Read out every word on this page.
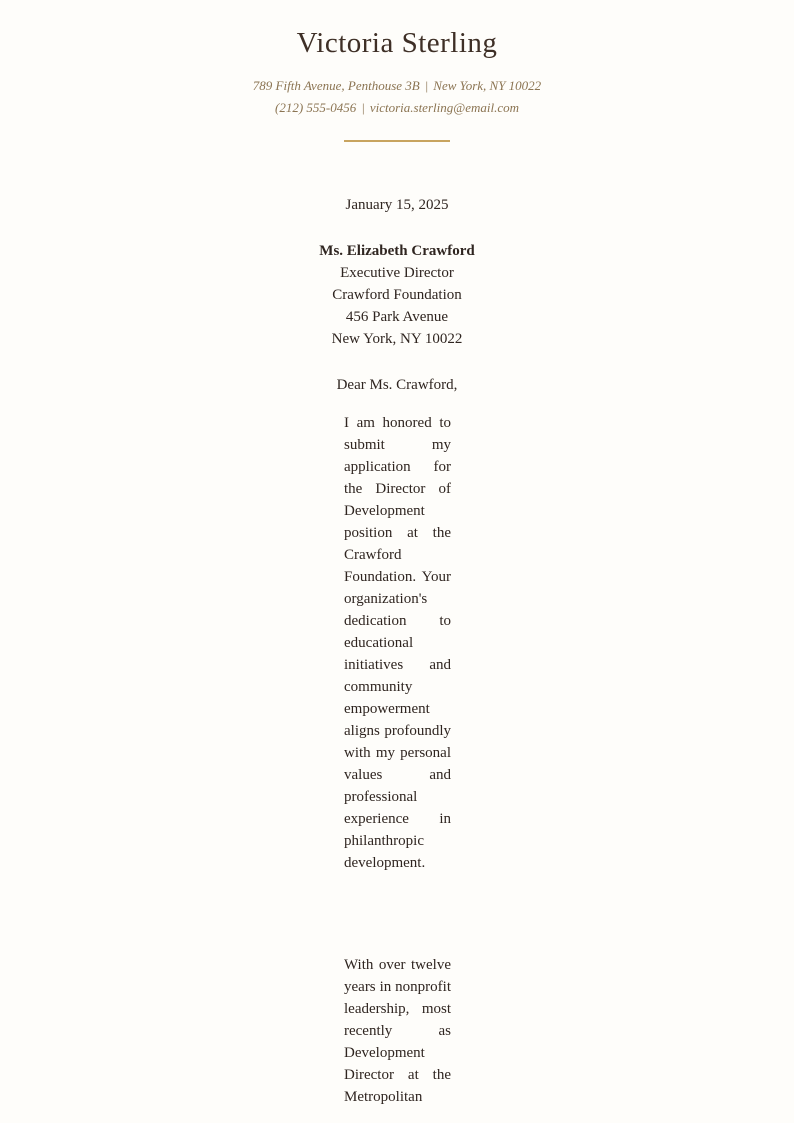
Victoria Sterling
789 Fifth Avenue, Penthouse 3B | New York, NY 10022
(212) 555-0456 | victoria.sterling@email.com
January 15, 2025
Ms. Elizabeth Crawford
Executive Director
Crawford Foundation
456 Park Avenue
New York, NY 10022
Dear Ms. Crawford,

I am honored to submit my application for the Director of Development position at the Crawford Foundation. Your organization's dedication to educational initiatives and community empowerment aligns profoundly with my personal values and professional experience in philanthropic development.

With over twelve years in nonprofit leadership, most recently as Development Director at the Metropolitan
